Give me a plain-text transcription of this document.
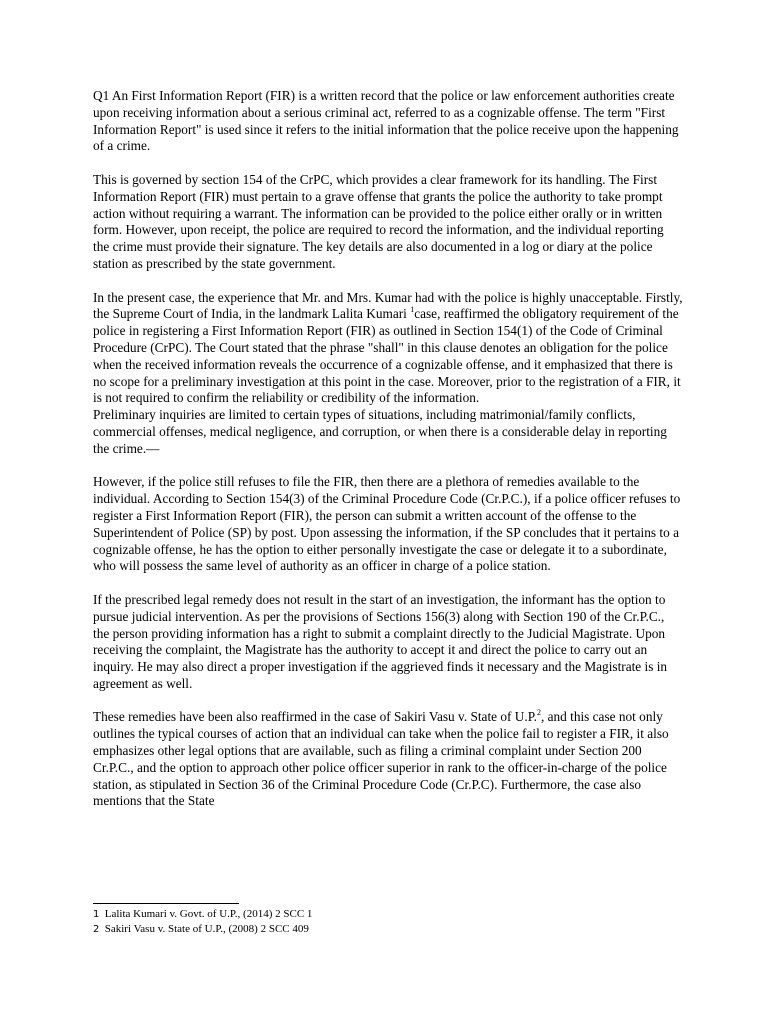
Q1 An First Information Report (FIR) is a written record that the police or law enforcement authorities create upon receiving information about a serious criminal act, referred to as a cognizable offense. The term "First Information Report" is used since it refers to the initial information that the police receive upon the happening of a crime.

This is governed by section 154 of the CrPC, which provides a clear framework for its handling. The First Information Report (FIR) must pertain to a grave offense that grants the police the authority to take prompt action without requiring a warrant. The information can be provided to the police either orally or in written form. However, upon receipt, the police are required to record the information, and the individual reporting the crime must provide their signature. The key details are also documented in a log or diary at the police station as prescribed by the state government.

In the present case, the experience that Mr. and Mrs. Kumar had with the police is highly unacceptable. Firstly, the Supreme Court of India, in the landmark Lalita Kumari $^1$case, reaffirmed the obligatory requirement of the police in registering a First Information Report (FIR) as outlined in Section 154(1) of the Code of Criminal Procedure (CrPC). The Court stated that the phrase "shall" in this clause denotes an obligation for the police when the received information reveals the occurrence of a cognizable offense, and it emphasized that there is no scope for a preliminary investigation at this point in the case. Moreover, prior to the registration of a FIR, it is not required to confirm the reliability or credibility of the information.

Preliminary inquiries are limited to certain types of situations, including matrimonial/family conflicts, commercial offenses, medical negligence, and corruption, or when there is a considerable delay in reporting the crime.—

However, if the police still refuses to file the FIR, then there are a plethora of remedies available to the individual. According to Section 154(3) of the Criminal Procedure Code (Cr.P.C.), if a police officer refuses to register a First Information Report (FIR), the person can submit a written account of the offense to the Superintendent of Police (SP) by post. Upon assessing the information, if the SP concludes that it pertains to a cognizable offense, he has the option to either personally investigate the case or delegate it to a subordinate, who will possess the same level of authority as an officer in charge of a police station.

If the prescribed legal remedy does not result in the start of an investigation, the informant has the option to pursue judicial intervention. As per the provisions of Sections 156(3) along with Section 190 of the Cr.P.C., the person providing information has a right to submit a complaint directly to the Judicial Magistrate. Upon receiving the complaint, the Magistrate has the authority to accept it and direct the police to carry out an inquiry. He may also direct a proper investigation if the aggrieved finds it necessary and the Magistrate is in agreement as well.

These remedies have been also reaffirmed in the case of Sakiri Vasu v. State of U.P.$^2$, and this case not only outlines the typical courses of action that an individual can take when the police fail to register a FIR, it also emphasizes other legal options that are available, such as filing a criminal complaint under Section 200 Cr.P.C., and the option to approach other police officer superior in rank to the officer-in-charge of the police station, as stipulated in Section 36 of the Criminal Procedure Code (Cr.P.C). Furthermore, the case also mentions that the State

1 Lalita Kumari v. Govt. of U.P., (2014) 2 SCC 1
2 Sakiri Vasu v. State of U.P., (2008) 2 SCC 409
